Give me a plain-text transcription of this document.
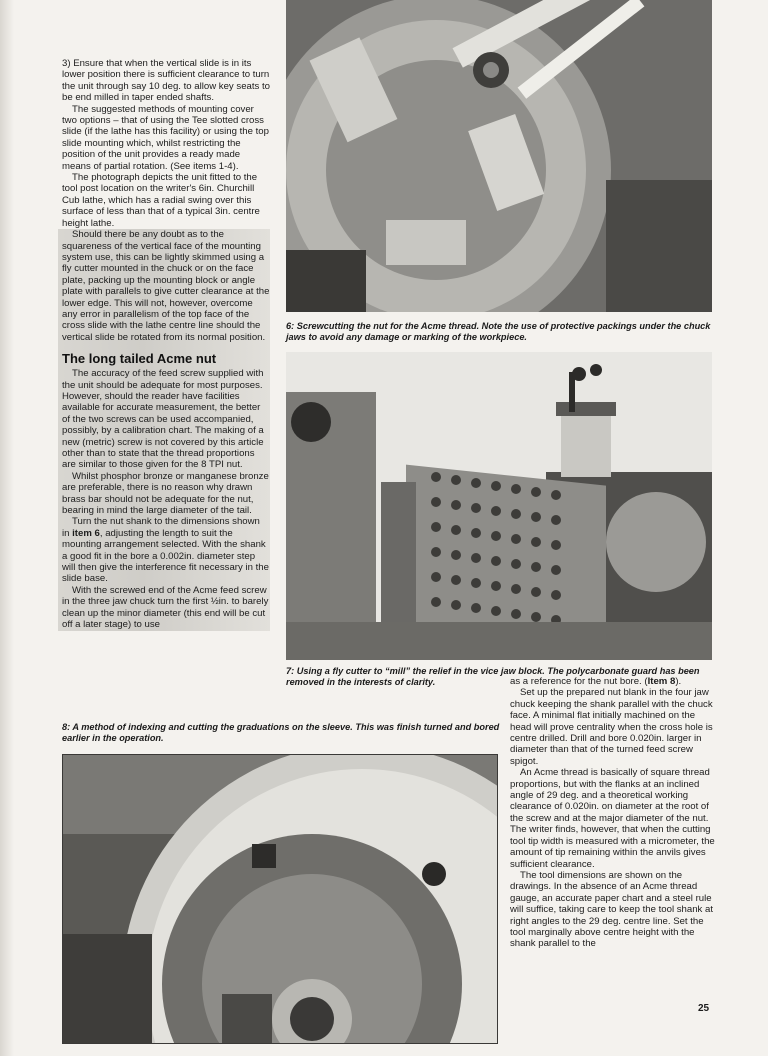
3) Ensure that when the vertical slide is in its lower position there is sufficient clearance to turn the unit through say 10 deg. to allow key seats to be end milled in taper ended shafts.

The suggested methods of mounting cover two options – that of using the Tee slotted cross slide (if the lathe has this facility) or using the top slide mounting which, whilst restricting the position of the unit provides a ready made means of partial rotation. (See items 1-4).

The photograph depicts the unit fitted to the tool post location on the writer's 6in. Churchill Cub lathe, which has a radial swing over this surface of less than that of a typical 3in. centre height lathe.

Should there be any doubt as to the squareness of the vertical face of the mounting system use, this can be lightly skimmed using a fly cutter mounted in the chuck or on the face plate, packing up the mounting block or angle plate with parallels to give cutter clearance at the lower edge. This will not, however, overcome any error in parallelism of the top face of the cross slide with the lathe centre line should the vertical slide be rotated from its normal position.

The long tailed Acme nut

The accuracy of the feed screw supplied with the unit should be adequate for most purposes. However, should the reader have facilities available for accurate measurement, the better of the two screws can be used accompanied, possibly, by a calibration chart. The making of a new (metric) screw is not covered by this article other than to state that the thread proportions are similar to those given for the 8 TPI nut.

Whilst phosphor bronze or manganese bronze are preferable, there is no reason why drawn brass bar should not be adequate for the nut, bearing in mind the large diameter of the tail.

Turn the nut shank to the dimensions shown in item 6, adjusting the length to suit the mounting arrangement selected. With the shank a good fit in the bore a 0.002in. diameter step will then give the interference fit necessary in the slide base.

With the screwed end of the Acme feed screw in the three jaw chuck turn the first ½in. to barely clean up the minor diameter (this end will be cut off a later stage) to use

6: Screwcutting the nut for the Acme thread. Note the use of protective packings under the chuck jaws to avoid any damage or marking of the workpiece.
7: Using a fly cutter to “mill” the relief in the vice jaw block. The polycarbonate guard has been removed in the interests of clarity.
8: A method of indexing and cutting the graduations on the sleeve. This was finish turned and bored earlier in the operation.

as a reference for the nut bore. (Item 8).

Set up the prepared nut blank in the four jaw chuck keeping the shank parallel with the chuck face. A minimal flat initially machined on the head will prove centrality when the cross hole is centre drilled. Drill and bore 0.020in. larger in diameter than that of the turned feed screw spigot.

An Acme thread is basically of square thread proportions, but with the flanks at an inclined angle of 29 deg. and a theoretical working clearance of 0.020in. on diameter at the root of the screw and at the major diameter of the nut. The writer finds, however, that when the cutting tool tip width is measured with a micrometer, the amount of tip remaining within the anvils gives sufficient clearance.

The tool dimensions are shown on the drawings. In the absence of an Acme thread gauge, an accurate paper chart and a steel rule will suffice, taking care to keep the tool shank at right angles to the 29 deg. centre line. Set the tool marginally above centre height with the shank parallel to the

25
